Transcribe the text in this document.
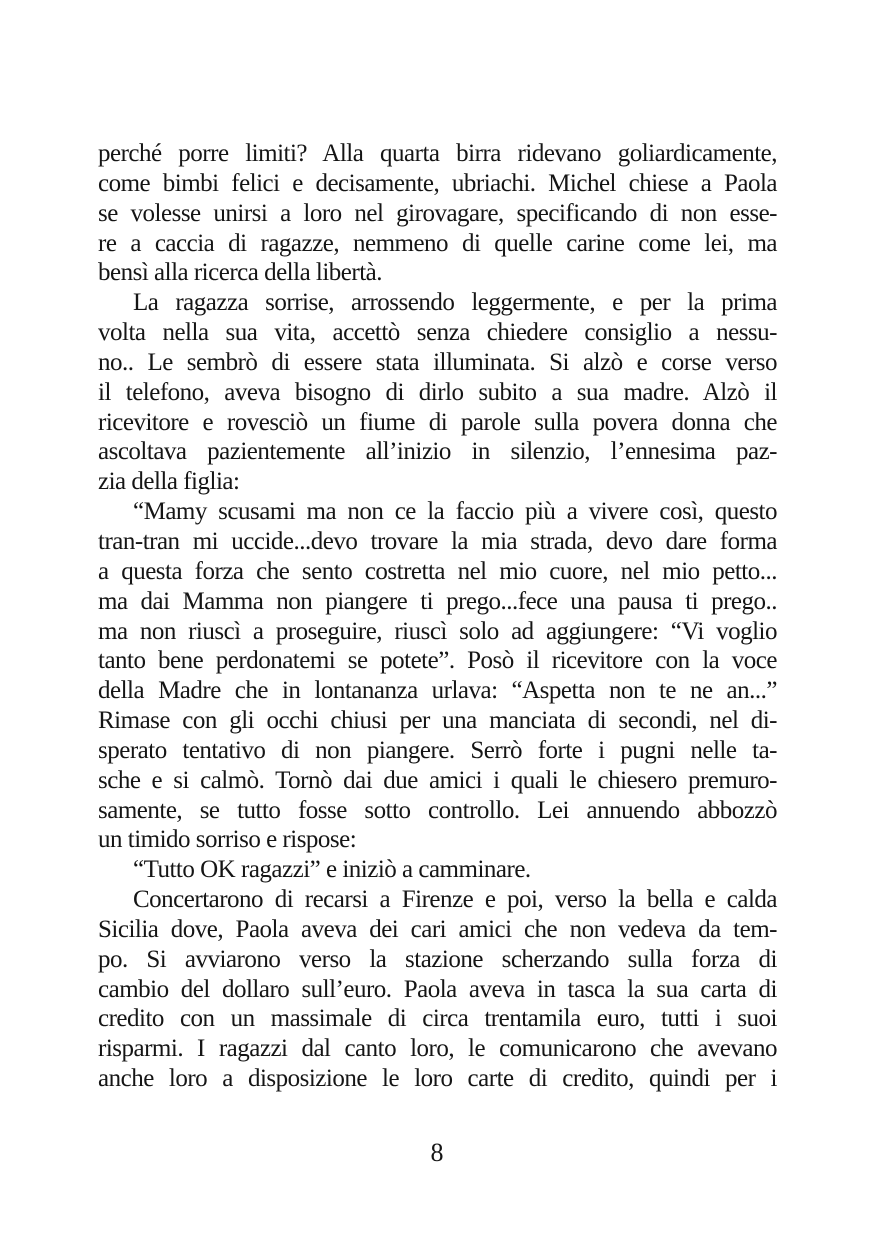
perché porre limiti? Alla quarta birra ridevano goliardicamente,
come bimbi felici e decisamente, ubriachi. Michel chiese a Paola
se volesse unirsi a loro nel girovagare, specificando di non esse-
re a caccia di ragazze, nemmeno di quelle carine come lei, ma
bensì alla ricerca della libertà.
La ragazza sorrise, arrossendo leggermente, e per la prima
volta nella sua vita, accettò senza chiedere consiglio a nessu-
no.. Le sembrò di essere stata illuminata. Si alzò e corse verso
il telefono, aveva bisogno di dirlo subito a sua madre. Alzò il
ricevitore e rovesciò un fiume di parole sulla povera donna che
ascoltava pazientemente all’inizio in silenzio, l’ennesima paz-
zia della figlia:
“Mamy scusami ma non ce la faccio più a vivere così, questo
tran-tran mi uccide...devo trovare la mia strada, devo dare forma
a questa forza che sento costretta nel mio cuore, nel mio petto...
ma dai Mamma non piangere ti prego...fece una pausa ti prego..
ma non riuscì a proseguire, riuscì solo ad aggiungere: “Vi voglio
tanto bene perdonatemi se potete”. Posò il ricevitore con la voce
della Madre che in lontananza urlava: “Aspetta non te ne an...”
Rimase con gli occhi chiusi per una manciata di secondi, nel di-
sperato tentativo di non piangere. Serrò forte i pugni nelle ta-
sche e si calmò. Tornò dai due amici i quali le chiesero premuro-
samente, se tutto fosse sotto controllo. Lei annuendo abbozzò
un timido sorriso e rispose:
“Tutto OK ragazzi” e iniziò a camminare.
Concertarono di recarsi a Firenze e poi, verso la bella e calda
Sicilia dove, Paola aveva dei cari amici che non vedeva da tem-
po. Si avviarono verso la stazione scherzando sulla forza di
cambio del dollaro sull’euro. Paola aveva in tasca la sua carta di
credito con un massimale di circa trentamila euro, tutti i suoi
risparmi. I ragazzi dal canto loro, le comunicarono che avevano
anche loro a disposizione le loro carte di credito, quindi per i
8
